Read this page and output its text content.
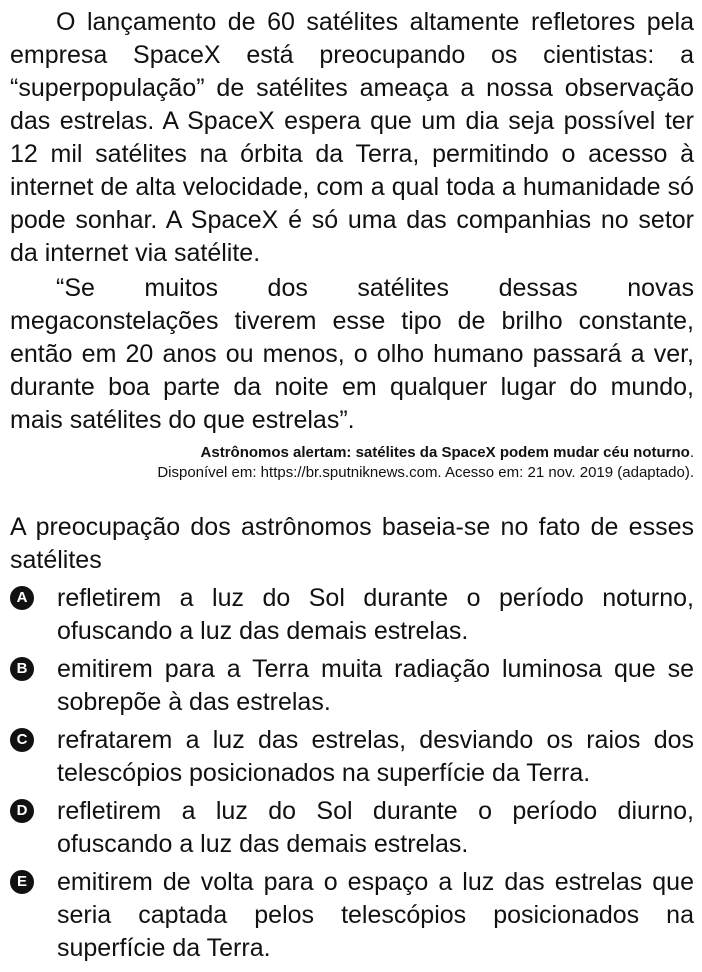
O lançamento de 60 satélites altamente refletores pela empresa SpaceX está preocupando os cientistas: a “superpopulação” de satélites ameaça a nossa observação das estrelas. A SpaceX espera que um dia seja possível ter 12 mil satélites na órbita da Terra, permitindo o acesso à internet de alta velocidade, com a qual toda a humanidade só pode sonhar. A SpaceX é só uma das companhias no setor da internet via satélite.

“Se muitos dos satélites dessas novas megaconstelações tiverem esse tipo de brilho constante, então em 20 anos ou menos, o olho humano passará a ver, durante boa parte da noite em qualquer lugar do mundo, mais satélites do que estrelas”.

Astrônomos alertam: satélites da SpaceX podem mudar céu noturno.
Disponível em: https://br.sputniknews.com. Acesso em: 21 nov. 2019 (adaptado).

A preocupação dos astrônomos baseia-se no fato de esses satélites

A refletirem a luz do Sol durante o período noturno, ofuscando a luz das demais estrelas.
B emitirem para a Terra muita radiação luminosa que se sobrepõe à das estrelas.
C refratarem a luz das estrelas, desviando os raios dos telescópios posicionados na superfície da Terra.
D refletirem a luz do Sol durante o período diurno, ofuscando a luz das demais estrelas.
E emitirem de volta para o espaço a luz das estrelas que seria captada pelos telescópios posicionados na superfície da Terra.
